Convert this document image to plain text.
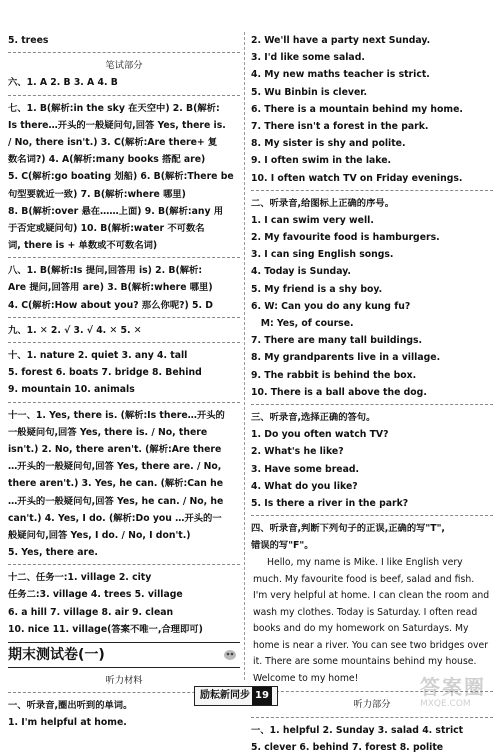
5. trees
笔试部分
六、1. A 2. B 3. A 4. B
七、1. B(解析:in the sky 在天空中) 2. B(解析:
Is there…开头的一般疑问句,回答 Yes, there is.
/ No, there isn't.) 3. C(解析:Are there+ 复
数名词?) 4. A(解析:many books 搭配 are)
5. C(解析:go boating 划船) 6. B(解析:There be
句型要就近一致) 7. B(解析:where 哪里)
8. B(解析:over 悬在……上面) 9. B(解析:any 用
于否定或疑问句) 10. B(解析:water 不可数名
词, there is + 单数或不可数名词)
八、1. B(解析:Is 提问,回答用 is) 2. B(解析:
Are 提问,回答用 are) 3. B(解析:where 哪里)
4. C(解析:How about you? 那么你呢?) 5. D
九、1. ✕ 2. √ 3. √ 4. ✕ 5. ✕
十、1. nature 2. quiet 3. any 4. tall
5. forest 6. boats 7. bridge 8. Behind
9. mountain 10. animals
十一、1. Yes, there is. (解析:Is there…开头的
一般疑问句,回答 Yes, there is. / No, there
isn't.) 2. No, there aren't. (解析:Are there
…开头的一般疑问句,回答 Yes, there are. / No,
there aren't.) 3. Yes, he can. (解析:Can he
…开头的一般疑问句,回答 Yes, he can. / No, he
can't.) 4. Yes, I do. (解析:Do you …开头的一
般疑问句,回答 Yes, I do. / No, I don't.)
5. Yes, there are.
十二、任务一:1. village 2. city
任务二:3. village 4. trees 5. village
6. a hill 7. village 8. air 9. clean
10. nice 11. village(答案不唯一,合理即可)
期末测试卷(一)
听力材料
一、听录音,圈出听到的单词。
1. I'm helpful at home.
2. We'll have a party next Sunday.
3. I'd like some salad.
4. My new maths teacher is strict.
5. Wu Binbin is clever.
6. There is a mountain behind my home.
7. There isn't a forest in the park.
8. My sister is shy and polite.
9. I often swim in the lake.
10. I often watch TV on Friday evenings.
二、听录音,给图标上正确的序号。
1. I can swim very well.
2. My favourite food is hamburgers.
3. I can sing English songs.
4. Today is Sunday.
5. My friend is a shy boy.
6. W: Can you do any kung fu?
M: Yes, of course.
7. There are many tall buildings.
8. My grandparents live in a village.
9. The rabbit is behind the box.
10. There is a ball above the dog.
三、听录音,选择正确的答句。
1. Do you often watch TV?
2. What's he like?
3. Have some bread.
4. What do you like?
5. Is there a river in the park?
四、听录音,判断下列句子的正误,正确的写"T",
错误的写"F"。

Hello, my name is Mike. I like English very much. My favourite food is beef, salad and fish. I'm very helpful at home. I can clean the room and wash my clothes. Today is Saturday. I often read books and do my homework on Saturdays. My home is near a river. You can see two bridges over it. There are some mountains behind my house. Welcome to my home!

听力部分
一、1. helpful 2. Sunday 3. salad 4. strict
5. clever 6. behind 7. forest 8. polite
励耘新同步 19	答案圈
MXQE.COM
